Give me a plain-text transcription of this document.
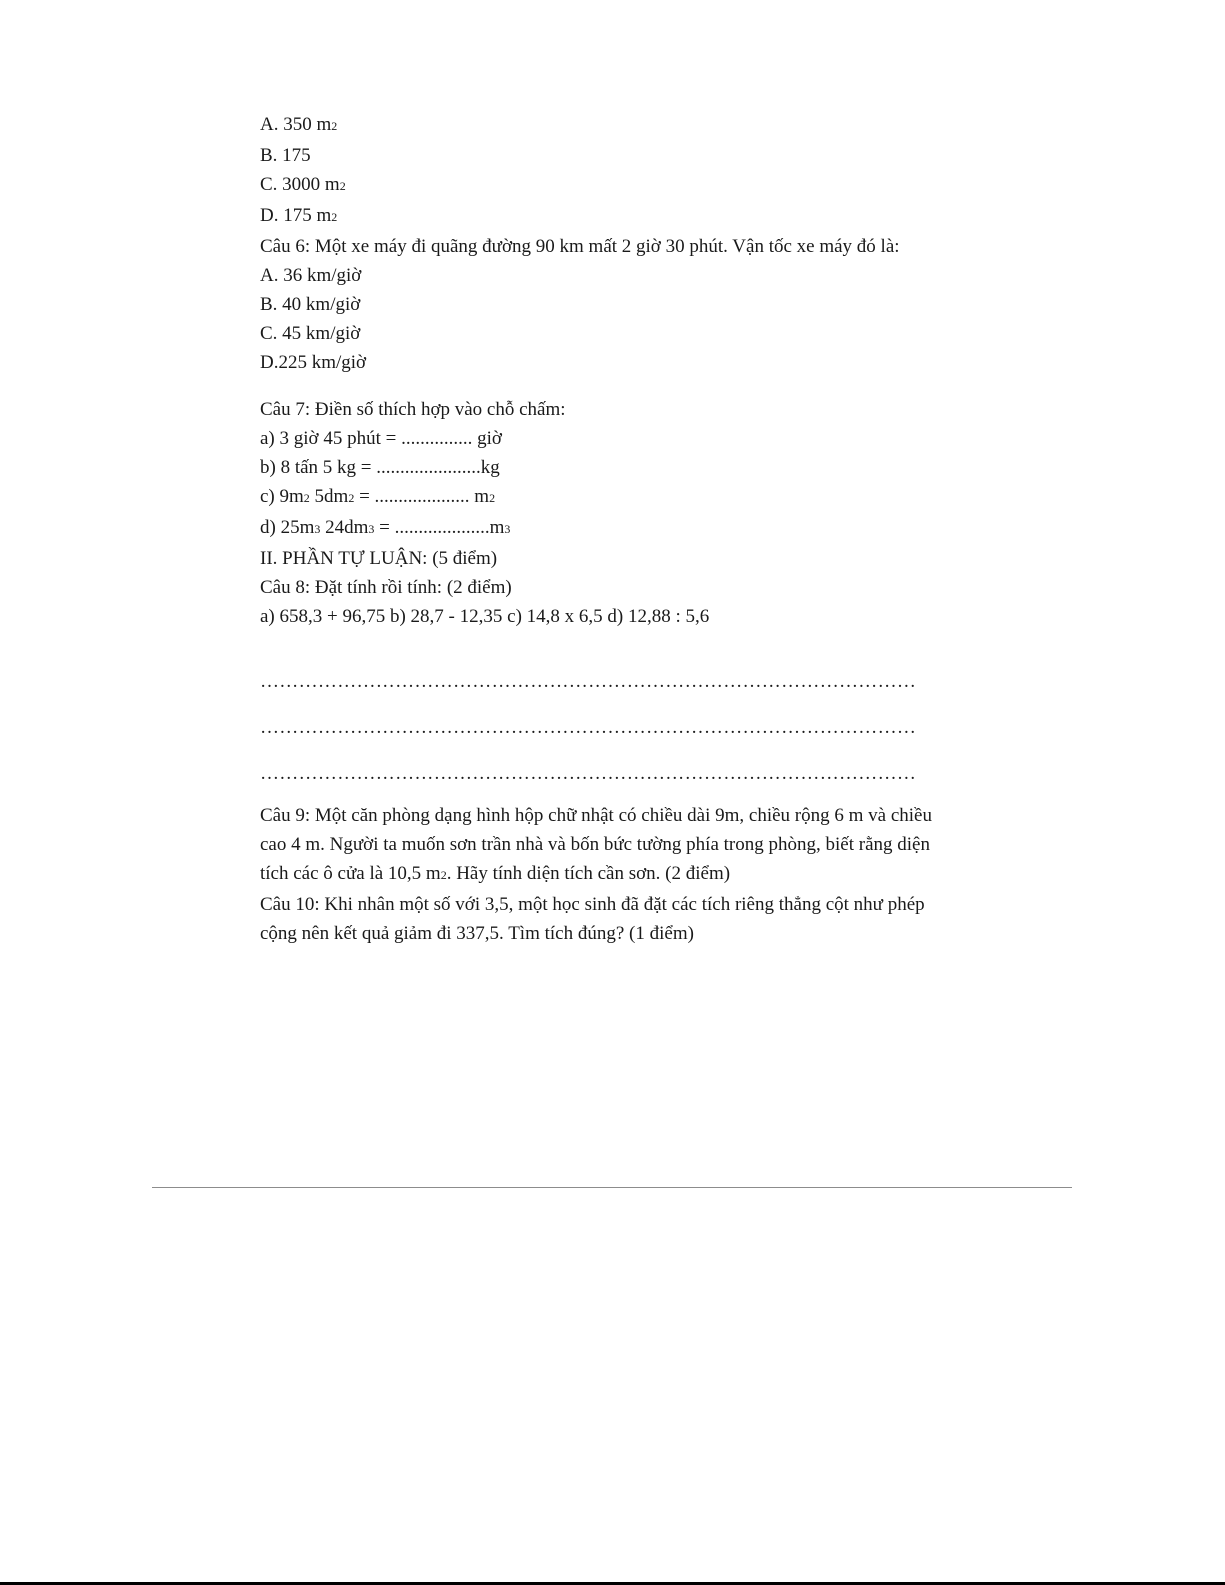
A. 350 m2
B. 175
C. 3000 m2
D. 175 m2
Câu 6: Một xe máy đi quãng đường 90 km mất 2 giờ 30 phút. Vận tốc xe máy đó là:
A. 36 km/giờ
B. 40 km/giờ
C. 45 km/giờ
D.225 km/giờ
Câu 7: Điền số thích hợp vào chỗ chấm:
a) 3 giờ 45 phút = ............... giờ
b) 8 tấn 5 kg = ......................kg
c) 9m2 5dm2 = .................... m2
d) 25m3 24dm3 = ....................m3
II. PHẦN TỰ LUẬN: (5 điểm)
Câu 8: Đặt tính rồi tính: (2 điểm)
a) 658,3 + 96,75 b) 28,7 - 12,35 c) 14,8 x 6,5 d) 12,88 : 5,6
…………………………………………………………………………………………
…………………………………………………………………………………………
…………………………………………………………………………………………
Câu 9: Một căn phòng dạng hình hộp chữ nhật có chiều dài 9m, chiều rộng 6 m và chiều cao 4 m. Người ta muốn sơn trần nhà và bốn bức tường phía trong phòng, biết rằng diện tích các ô cửa là 10,5 m2. Hãy tính diện tích cần sơn. (2 điểm)
Câu 10: Khi nhân một số với 3,5, một học sinh đã đặt các tích riêng thẳng cột như phép cộng nên kết quả giảm đi 337,5. Tìm tích đúng? (1 điểm)
